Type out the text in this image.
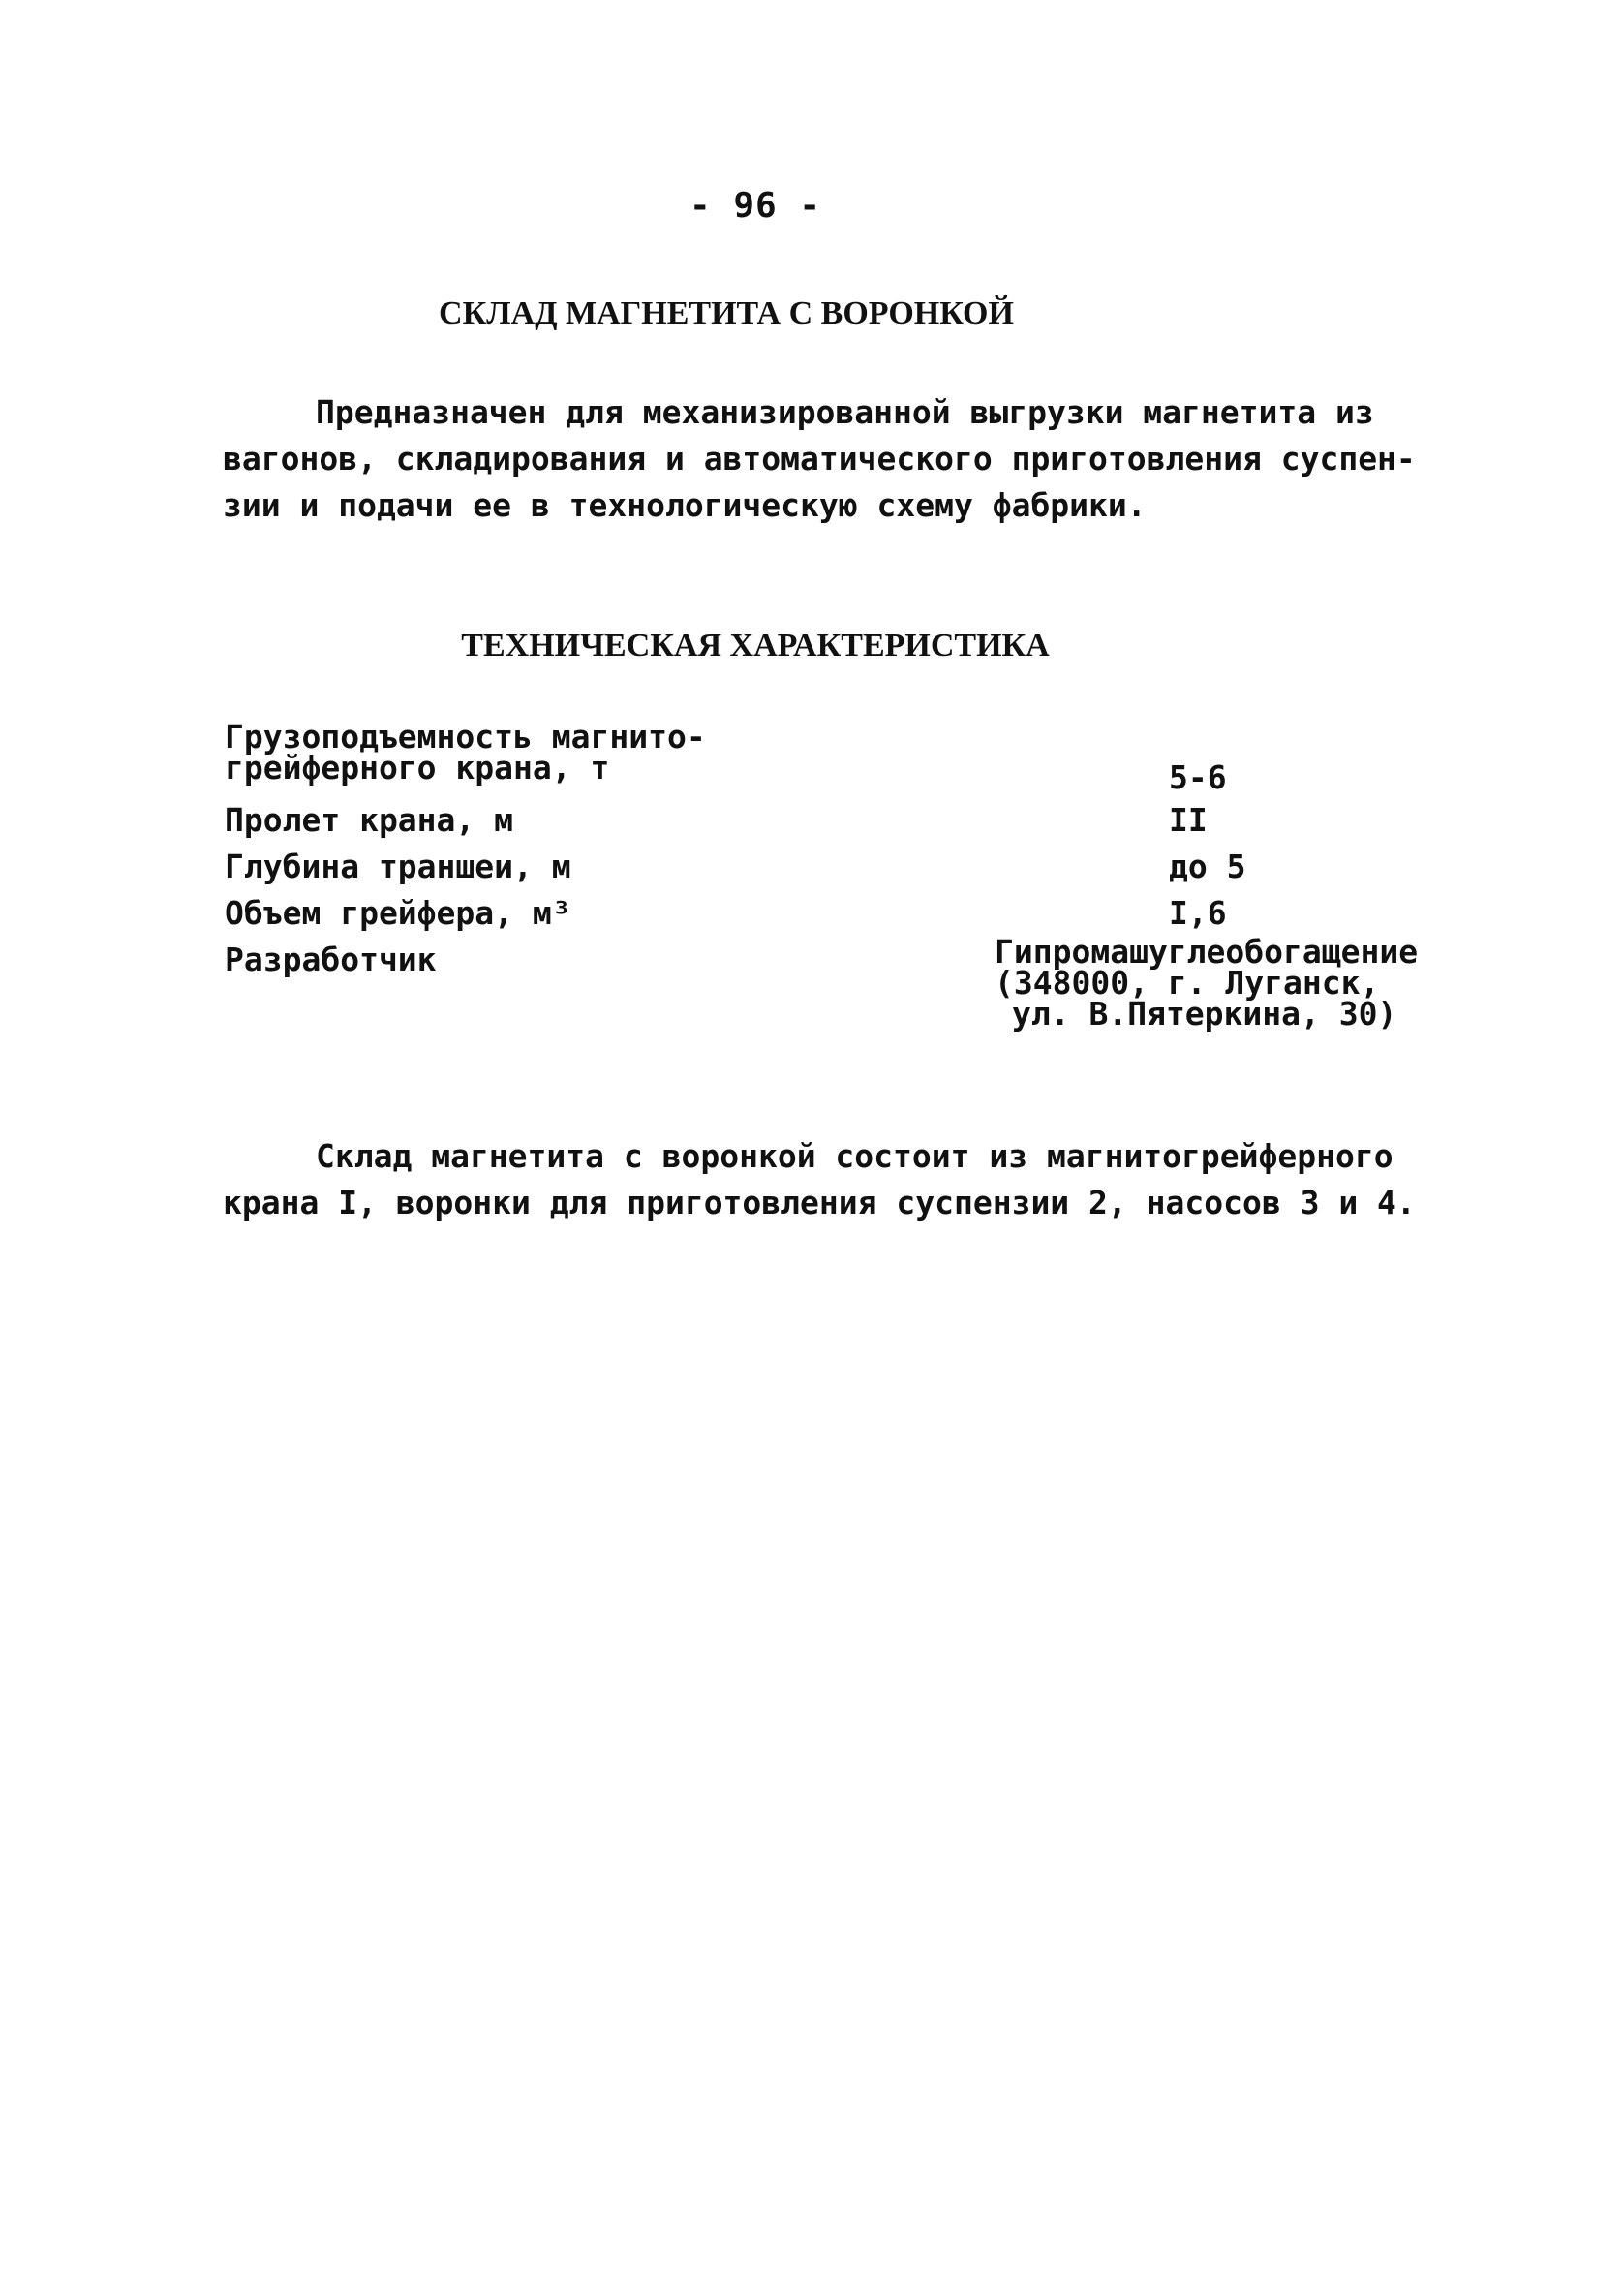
- 96 -
СКЛАД МАГНЕТИТА С ВОРОНКОЙ
Предназначен для механизированной выгрузки магнетита из
вагонов, складирования и автоматического приготовления суспен-
зии и подачи ее в технологическую схему фабрики.
ТЕХНИЧЕСКАЯ ХАРАКТЕРИСТИКА
Грузоподъемность магнито-
грейферного крана, т	5-6
Пролет крана, м	II
Глубина траншеи, м	до 5
Объем грейфера, м³	I,6
Разработчик	Гипромашуглеобогащение
(348000, г. Луганск,
ул. В.Пятеркина, 30)
Склад магнетита с воронкой состоит из магнитогрейферного
крана I, воронки для приготовления суспензии 2, насосов 3 и 4.
